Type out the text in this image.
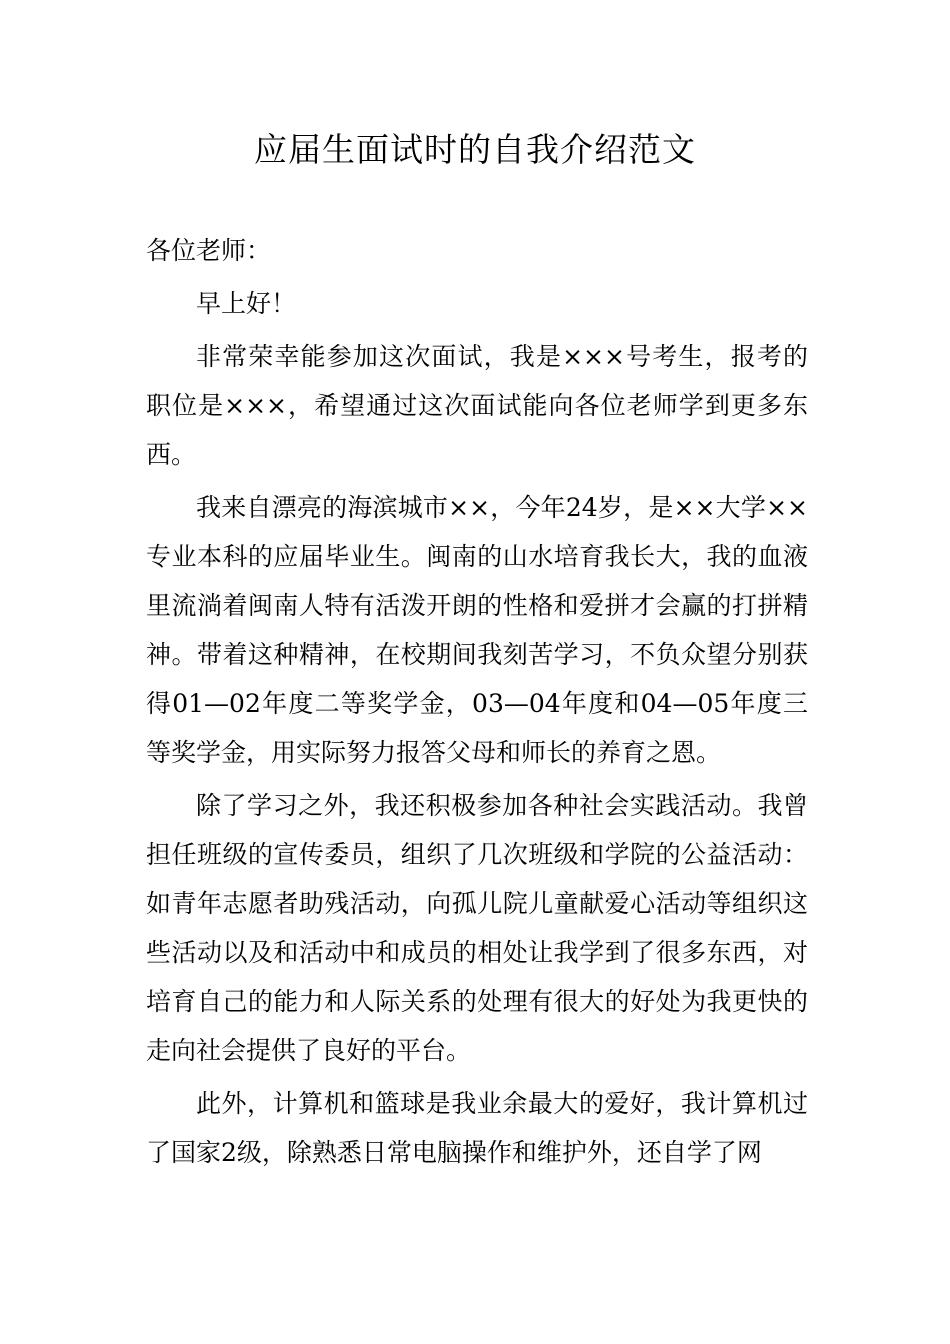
应届生面试时的自我介绍范文

各位老师：

早上好！

非常荣幸能参加这次面试，我是×××号考生，报考的职位是×××，希望通过这次面试能向各位老师学到更多东西。

我来自漂亮的海滨城市××，今年24岁，是××大学××专业本科的应届毕业生。闽南的山水培育我长大，我的血液里流淌着闽南人特有活泼开朗的性格和爱拼才会赢的打拼精神。带着这种精神，在校期间我刻苦学习，不负众望分别获得01—02年度二等奖学金，03—04年度和04—05年度三等奖学金，用实际努力报答父母和师长的养育之恩。

除了学习之外，我还积极参加各种社会实践活动。我曾担任班级的宣传委员，组织了几次班级和学院的公益活动：如青年志愿者助残活动，向孤儿院儿童献爱心活动等组织这些活动以及和活动中和成员的相处让我学到了很多东西，对培育自己的能力和人际关系的处理有很大的好处为我更快的走向社会提供了良好的平台。

此外，计算机和篮球是我业余最大的爱好，我计算机过了国家2级，除熟悉日常电脑操作和维护外，还自学了网
